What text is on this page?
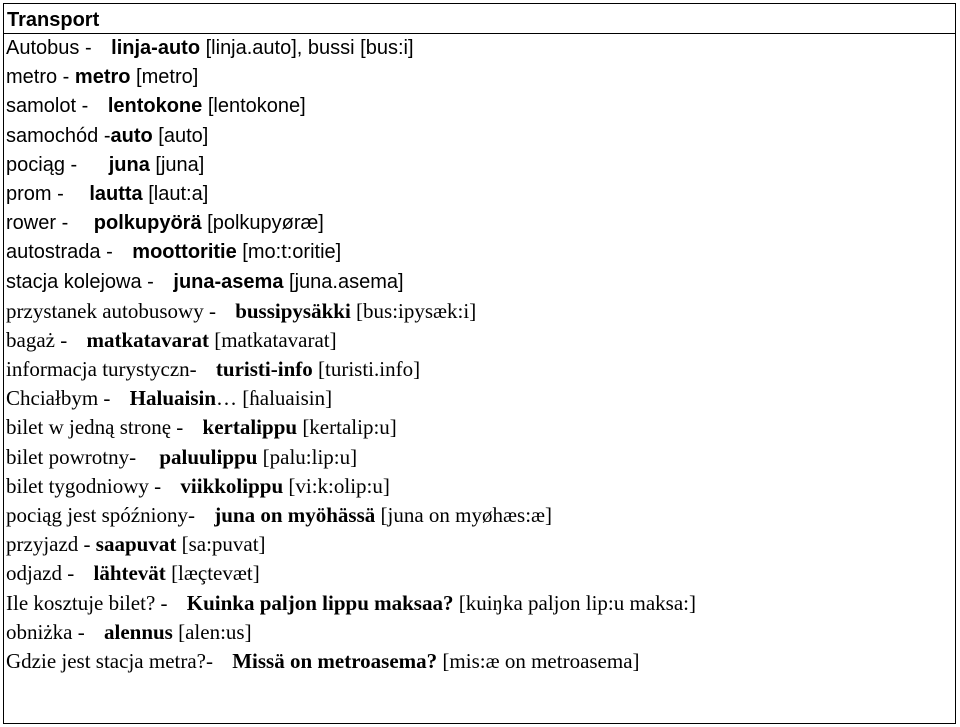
Transport
Autobus - linja-auto [linja.auto], bussi [bus:i]
metro - metro [metro]
samolot - lentokone [lentokone]
samochód -auto [auto]
pociąg - juna [juna]
prom - lautta [laut:a]
rower - polkupyörä [polkupyøræ]
autostrada - moottoritie [mo:t:oritie]
stacja kolejowa - juna-asema [juna.asema]
przystanek autobusowy - bussipysäkki [bus:ipysæk:i]
bagaż - matkatavarat [matkatavarat]
informacja turystyczn- turisti-info [turisti.info]
Chciałbym - Haluaisin… [ɦaluaisin]
bilet w jedną stronę - kertalippu [kertalip:u]
bilet powrotny- paluulippu [palu:lip:u]
bilet tygodniowy - viikkolippu [vi:k:olip:u]
pociąg jest spóźniony- juna on myöhässä [juna on myøhæs:æ]
przyjazd - saapuvat [sa:puvat]
odjazd - lähtevät [læçtevæt]
Ile kosztuje bilet? - Kuinka paljon lippu maksaa? [kuiŋka paljon lip:u maksa:]
obniżka - alennus [alen:us]
Gdzie jest stacja metra?- Missä on metroasema? [mis:æ on metroasema]
